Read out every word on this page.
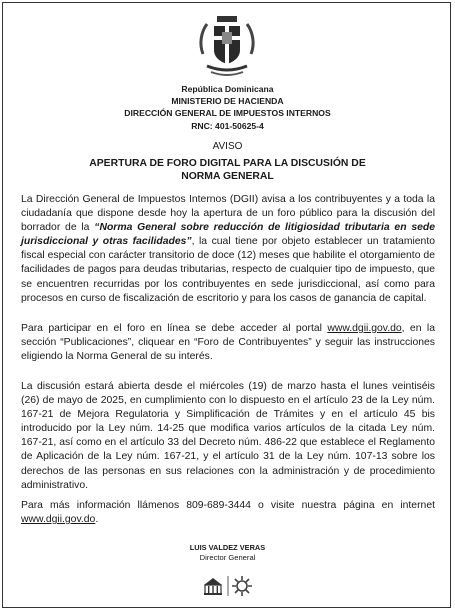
República Dominicana
MINISTERIO DE HACIENDA
DIRECCIÓN GENERAL DE IMPUESTOS INTERNOS
RNC: 401-50625-4
AVISO
APERTURA DE FORO DIGITAL PARA LA DISCUSIÓN DE
NORMA GENERAL

La Dirección General de Impuestos Internos (DGII) avisa a los contribuyentes y a toda la ciudadanía que dispone desde hoy la apertura de un foro público para la discusión del borrador de la “Norma General sobre reducción de litigiosidad tributaria en sede jurisdiccional y otras facilidades”, la cual tiene por objeto establecer un tratamiento fiscal especial con carácter transitorio de doce (12) meses que habilite el otorgamiento de facilidades de pagos para deudas tributarias, respecto de cualquier tipo de impuesto, que se encuentren recurridas por los contribuyentes en sede jurisdiccional, así como para procesos en curso de fiscalización de escritorio y para los casos de ganancia de capital.

Para participar en el foro en línea se debe acceder al portal www.dgii.gov.do, en la sección “Publicaciones”, cliquear en “Foro de Contribuyentes” y seguir las instrucciones eligiendo la Norma General de su interés.

La discusión estará abierta desde el miércoles (19) de marzo hasta el lunes veintiséis (26) de mayo de 2025, en cumplimiento con lo dispuesto en el artículo 23 de la Ley núm. 167-21 de Mejora Regulatoria y Simplificación de Trámites y en el artículo 45 bis introducido por la Ley núm. 14-25 que modifica varios artículos de la citada Ley núm. 167-21, así como en el artículo 33 del Decreto núm. 486-22 que establece el Reglamento de Aplicación de la Ley núm. 167-21, y el artículo 31 de la Ley núm. 107-13 sobre los derechos de las personas en sus relaciones con la administración y de procedimiento administrativo.

Para más información llámenos 809-689-3444 o visite nuestra página en internet www.dgii.gov.do.

LUIS VALDEZ VERAS
Director General
